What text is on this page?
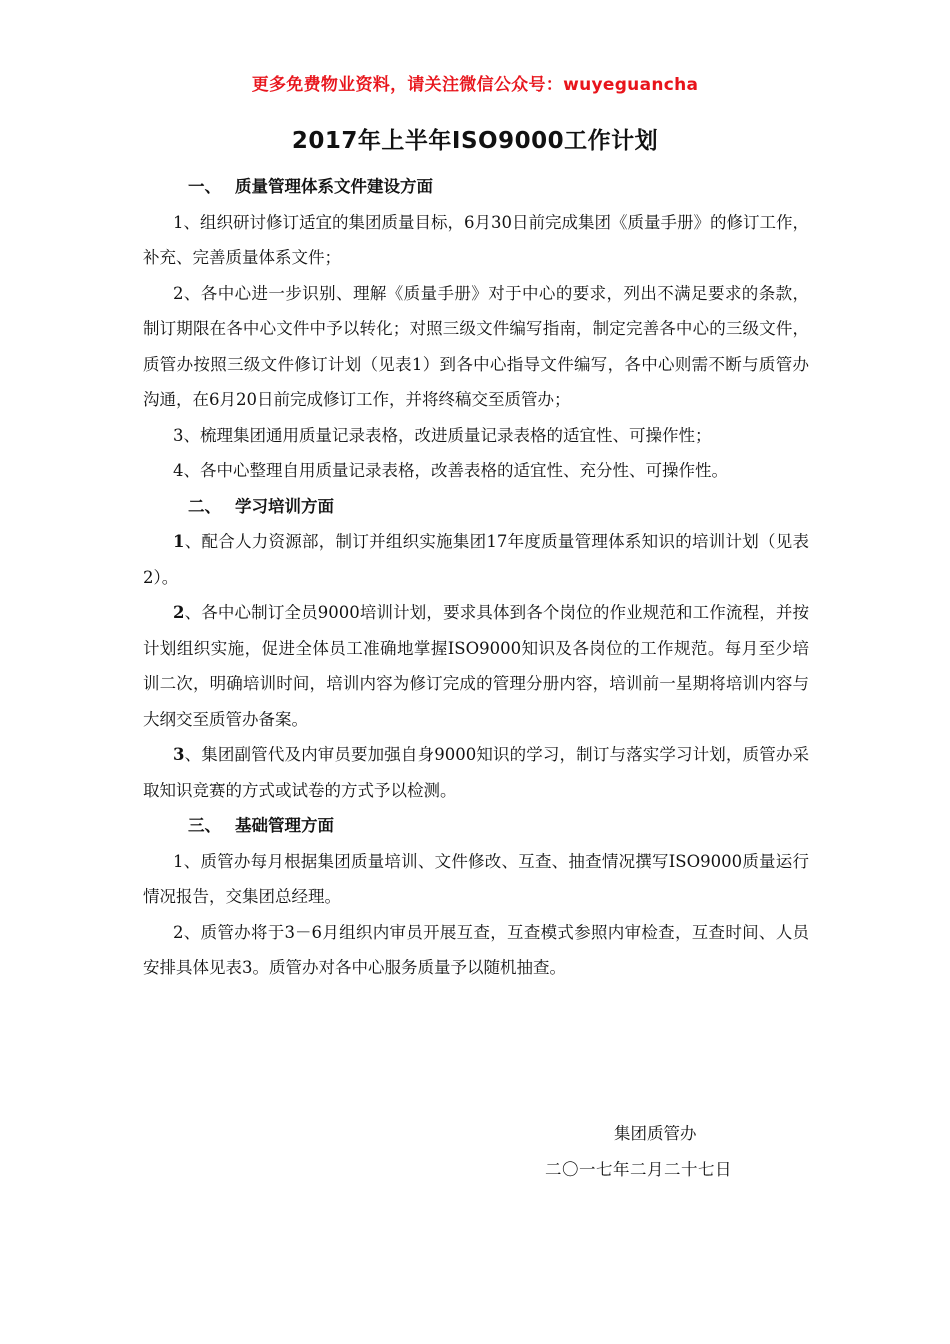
更多免费物业资料，请关注微信公众号：wuyeguancha
2017年上半年ISO9000工作计划

一、 质量管理体系文件建设方面

1、组织研讨修订适宜的集团质量目标，6月30日前完成集团《质量手册》的修订工作，补充、完善质量体系文件；

2、各中心进一步识别、理解《质量手册》对于中心的要求，列出不满足要求的条款，制订期限在各中心文件中予以转化；对照三级文件编写指南，制定完善各中心的三级文件，质管办按照三级文件修订计划（见表1）到各中心指导文件编写，各中心则需不断与质管办沟通，在6月20日前完成修订工作，并将终稿交至质管办；

3、梳理集团通用质量记录表格，改进质量记录表格的适宜性、可操作性；

4、各中心整理自用质量记录表格，改善表格的适宜性、充分性、可操作性。

二、 学习培训方面

1、配合人力资源部，制订并组织实施集团17年度质量管理体系知识的培训计划（见表2）。

2、各中心制订全员9000培训计划，要求具体到各个岗位的作业规范和工作流程，并按计划组织实施，促进全体员工准确地掌握ISO9000知识及各岗位的工作规范。每月至少培训二次，明确培训时间，培训内容为修订完成的管理分册内容，培训前一星期将培训内容与大纲交至质管办备案。

3、集团副管代及内审员要加强自身9000知识的学习，制订与落实学习计划，质管办采取知识竞赛的方式或试卷的方式予以检测。

三、 基础管理方面

1、质管办每月根据集团质量培训、文件修改、互查、抽查情况撰写ISO9000质量运行情况报告，交集团总经理。

2、质管办将于3－6月组织内审员开展互查，互查模式参照内审检查，互查时间、人员安排具体见表3。质管办对各中心服务质量予以随机抽查。

集团质管办
二〇一七年二月二十七日
